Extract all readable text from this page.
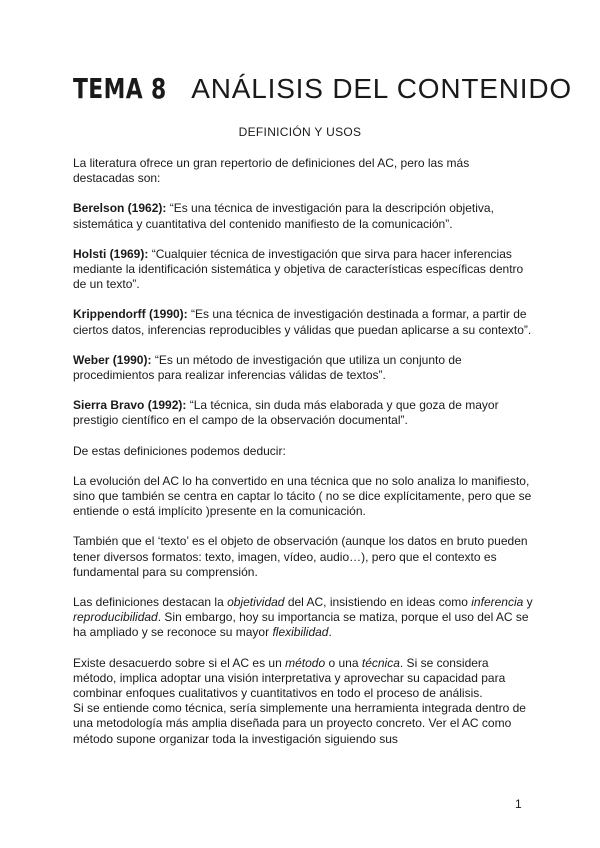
TEMA 8 ANÁLISIS DEL CONTENIDO
DEFINICIÓN Y USOS

La literatura ofrece un gran repertorio de definiciones del AC, pero las más destacadas son:

Berelson (1962): “Es una técnica de investigación para la descripción objetiva, sistemática y cuantitativa del contenido manifiesto de la comunicación”.

Holsti (1969): “Cualquier técnica de investigación que sirva para hacer inferencias mediante la identificación sistemática y objetiva de características específicas dentro de un texto”.

Krippendorff (1990): “Es una técnica de investigación destinada a formar, a partir de ciertos datos, inferencias reproducibles y válidas que puedan aplicarse a su contexto”.

Weber (1990): “Es un método de investigación que utiliza un conjunto de procedimientos para realizar inferencias válidas de textos”.

Sierra Bravo (1992): “La técnica, sin duda más elaborada y que goza de mayor prestigio científico en el campo de la observación documental”.

De estas definiciones podemos deducir:

La evolución del AC lo ha convertido en una técnica que no solo analiza lo manifiesto, sino que también se centra en captar lo tácito ( no se dice explícitamente, pero que se entiende o está implícito )presente en la comunicación.

También que el ‘texto’ es el objeto de observación (aunque los datos en bruto pueden tener diversos formatos: texto, imagen, vídeo, audio…), pero que el contexto es fundamental para su comprensión.

Las definiciones destacan la objetividad del AC, insistiendo en ideas como inferencia y reproducibilidad. Sin embargo, hoy su importancia se matiza, porque el uso del AC se ha ampliado y se reconoce su mayor flexibilidad.

Existe desacuerdo sobre si el AC es un método o una técnica. Si se considera método, implica adoptar una visión interpretativa y aprovechar su capacidad para combinar enfoques cualitativos y cuantitativos en todo el proceso de análisis.
Si se entiende como técnica, sería simplemente una herramienta integrada dentro de una metodología más amplia diseñada para un proyecto concreto. Ver el AC como método supone organizar toda la investigación siguiendo sus

1
